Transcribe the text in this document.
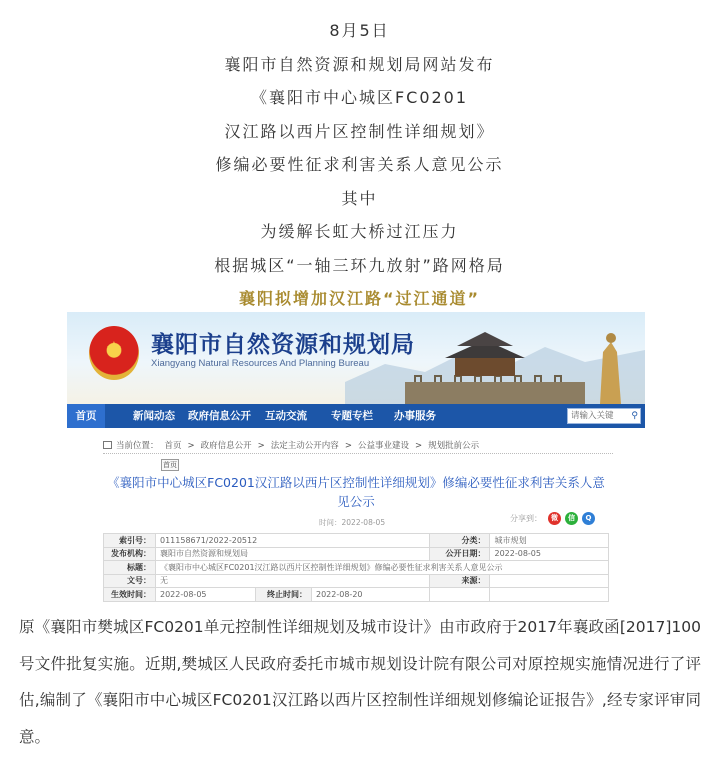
8月5日
襄阳市自然资源和规划局网站发布
《襄阳市中心城区FC0201
汉江路以西片区控制性详细规划》
修编必要性征求利害关系人意见公示
其中
为缓解长虹大桥过江压力
根据城区“一轴三环九放射”路网格局
襄阳拟增加汉江路“过江通道”
★	襄阳市自然资源和规划局
Xiangyang Natural Resources And Planning Bureau
首页	新闻动态 政府信息公开 互动交流 专题专栏 办事服务	请输入关键 ⚲
当前位置： 首页 > 政府信息公开 > 法定主动公开内容 > 公益事业建设 > 规划批前公示
首页
《襄阳市中心城区FC0201汉江路以西片区控制性详细规划》修编必要性征求利害关系人意见公示
时间：2022-08-05	分享到：	微	信	Q
索引号：	011158671/2022-20512			分类：	城市规划
发布机构：	襄阳市自然资源和规划局			公开日期：	2022-08-05
标题：	《襄阳市中心城区FC0201汉江路以西片区控制性详细规划》修编必要性征求利害关系人意见公示				
文号：	无			来源：	
生效时间：	2022-08-05	终止时间：	2022-08-20		
原《襄阳市樊城区FC0201单元控制性详细规划及城市设计》由市政府于2017年襄政函[2017]100号文件批复实施。近期,樊城区人民政府委托市城市规划设计院有限公司对原控规实施情况进行了评估,编制了《襄阳市中心城区FC0201汉江路以西片区控制性详细规划修编论证报告》,经专家评审同意。
